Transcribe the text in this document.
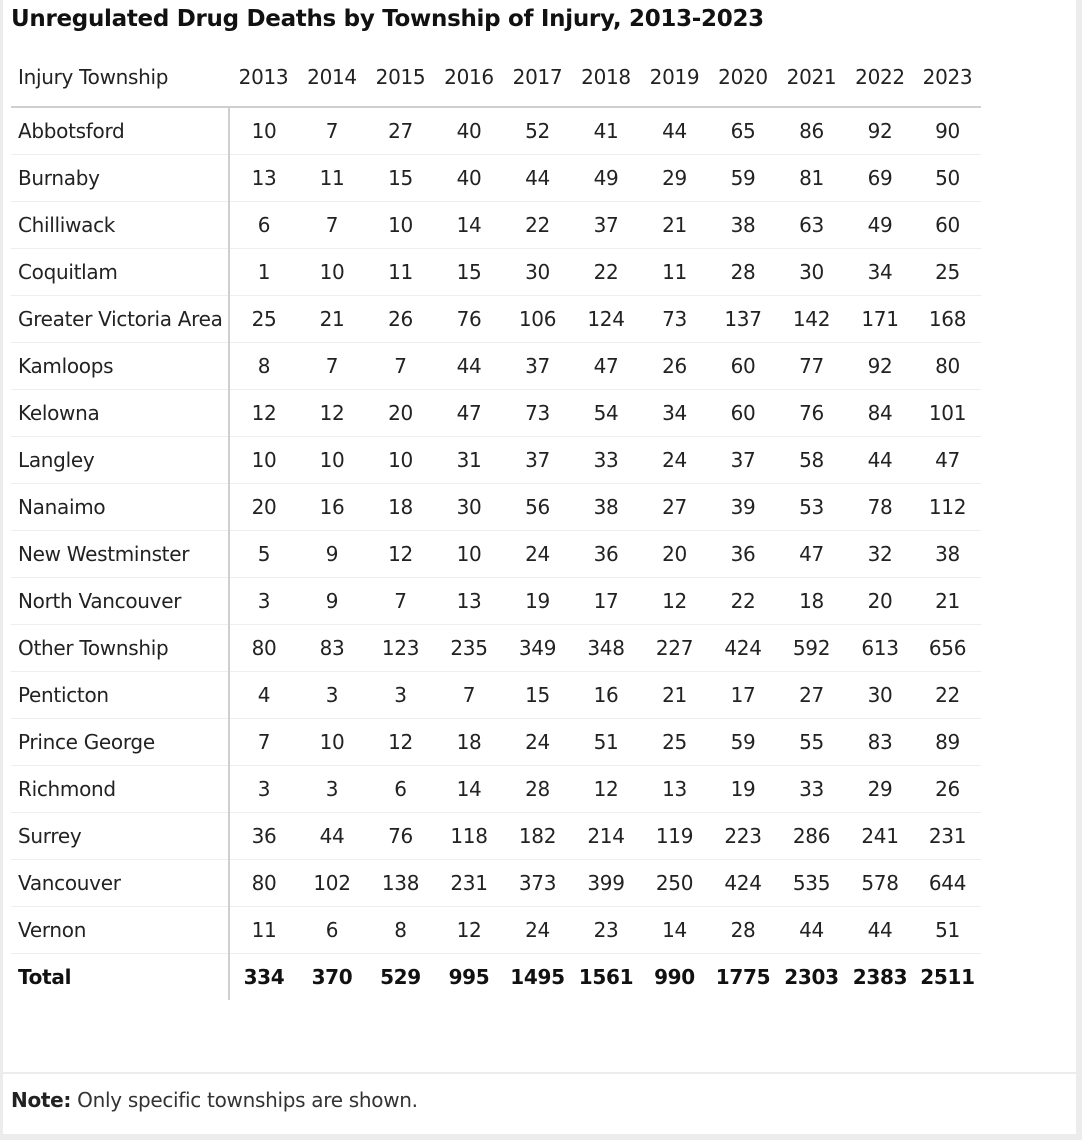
Unregulated Drug Deaths by Township of Injury, 2013-2023
Injury Township	2013	2014	2015	2016	2017	2018	2019	2020	2021	2022	2023
Abbotsford	10	7	27	40	52	41	44	65	86	92	90
Burnaby	13	11	15	40	44	49	29	59	81	69	50
Chilliwack	6	7	10	14	22	37	21	38	63	49	60
Coquitlam	1	10	11	15	30	22	11	28	30	34	25
Greater Victoria Area	25	21	26	76	106	124	73	137	142	171	168
Kamloops	8	7	7	44	37	47	26	60	77	92	80
Kelowna	12	12	20	47	73	54	34	60	76	84	101
Langley	10	10	10	31	37	33	24	37	58	44	47
Nanaimo	20	16	18	30	56	38	27	39	53	78	112
New Westminster	5	9	12	10	24	36	20	36	47	32	38
North Vancouver	3	9	7	13	19	17	12	22	18	20	21
Other Township	80	83	123	235	349	348	227	424	592	613	656
Penticton	4	3	3	7	15	16	21	17	27	30	22
Prince George	7	10	12	18	24	51	25	59	55	83	89
Richmond	3	3	6	14	28	12	13	19	33	29	26
Surrey	36	44	76	118	182	214	119	223	286	241	231
Vancouver	80	102	138	231	373	399	250	424	535	578	644
Vernon	11	6	8	12	24	23	14	28	44	44	51
Total	334	370	529	995	1495	1561	990	1775	2303	2383	2511
Note: Only specific townships are shown.
